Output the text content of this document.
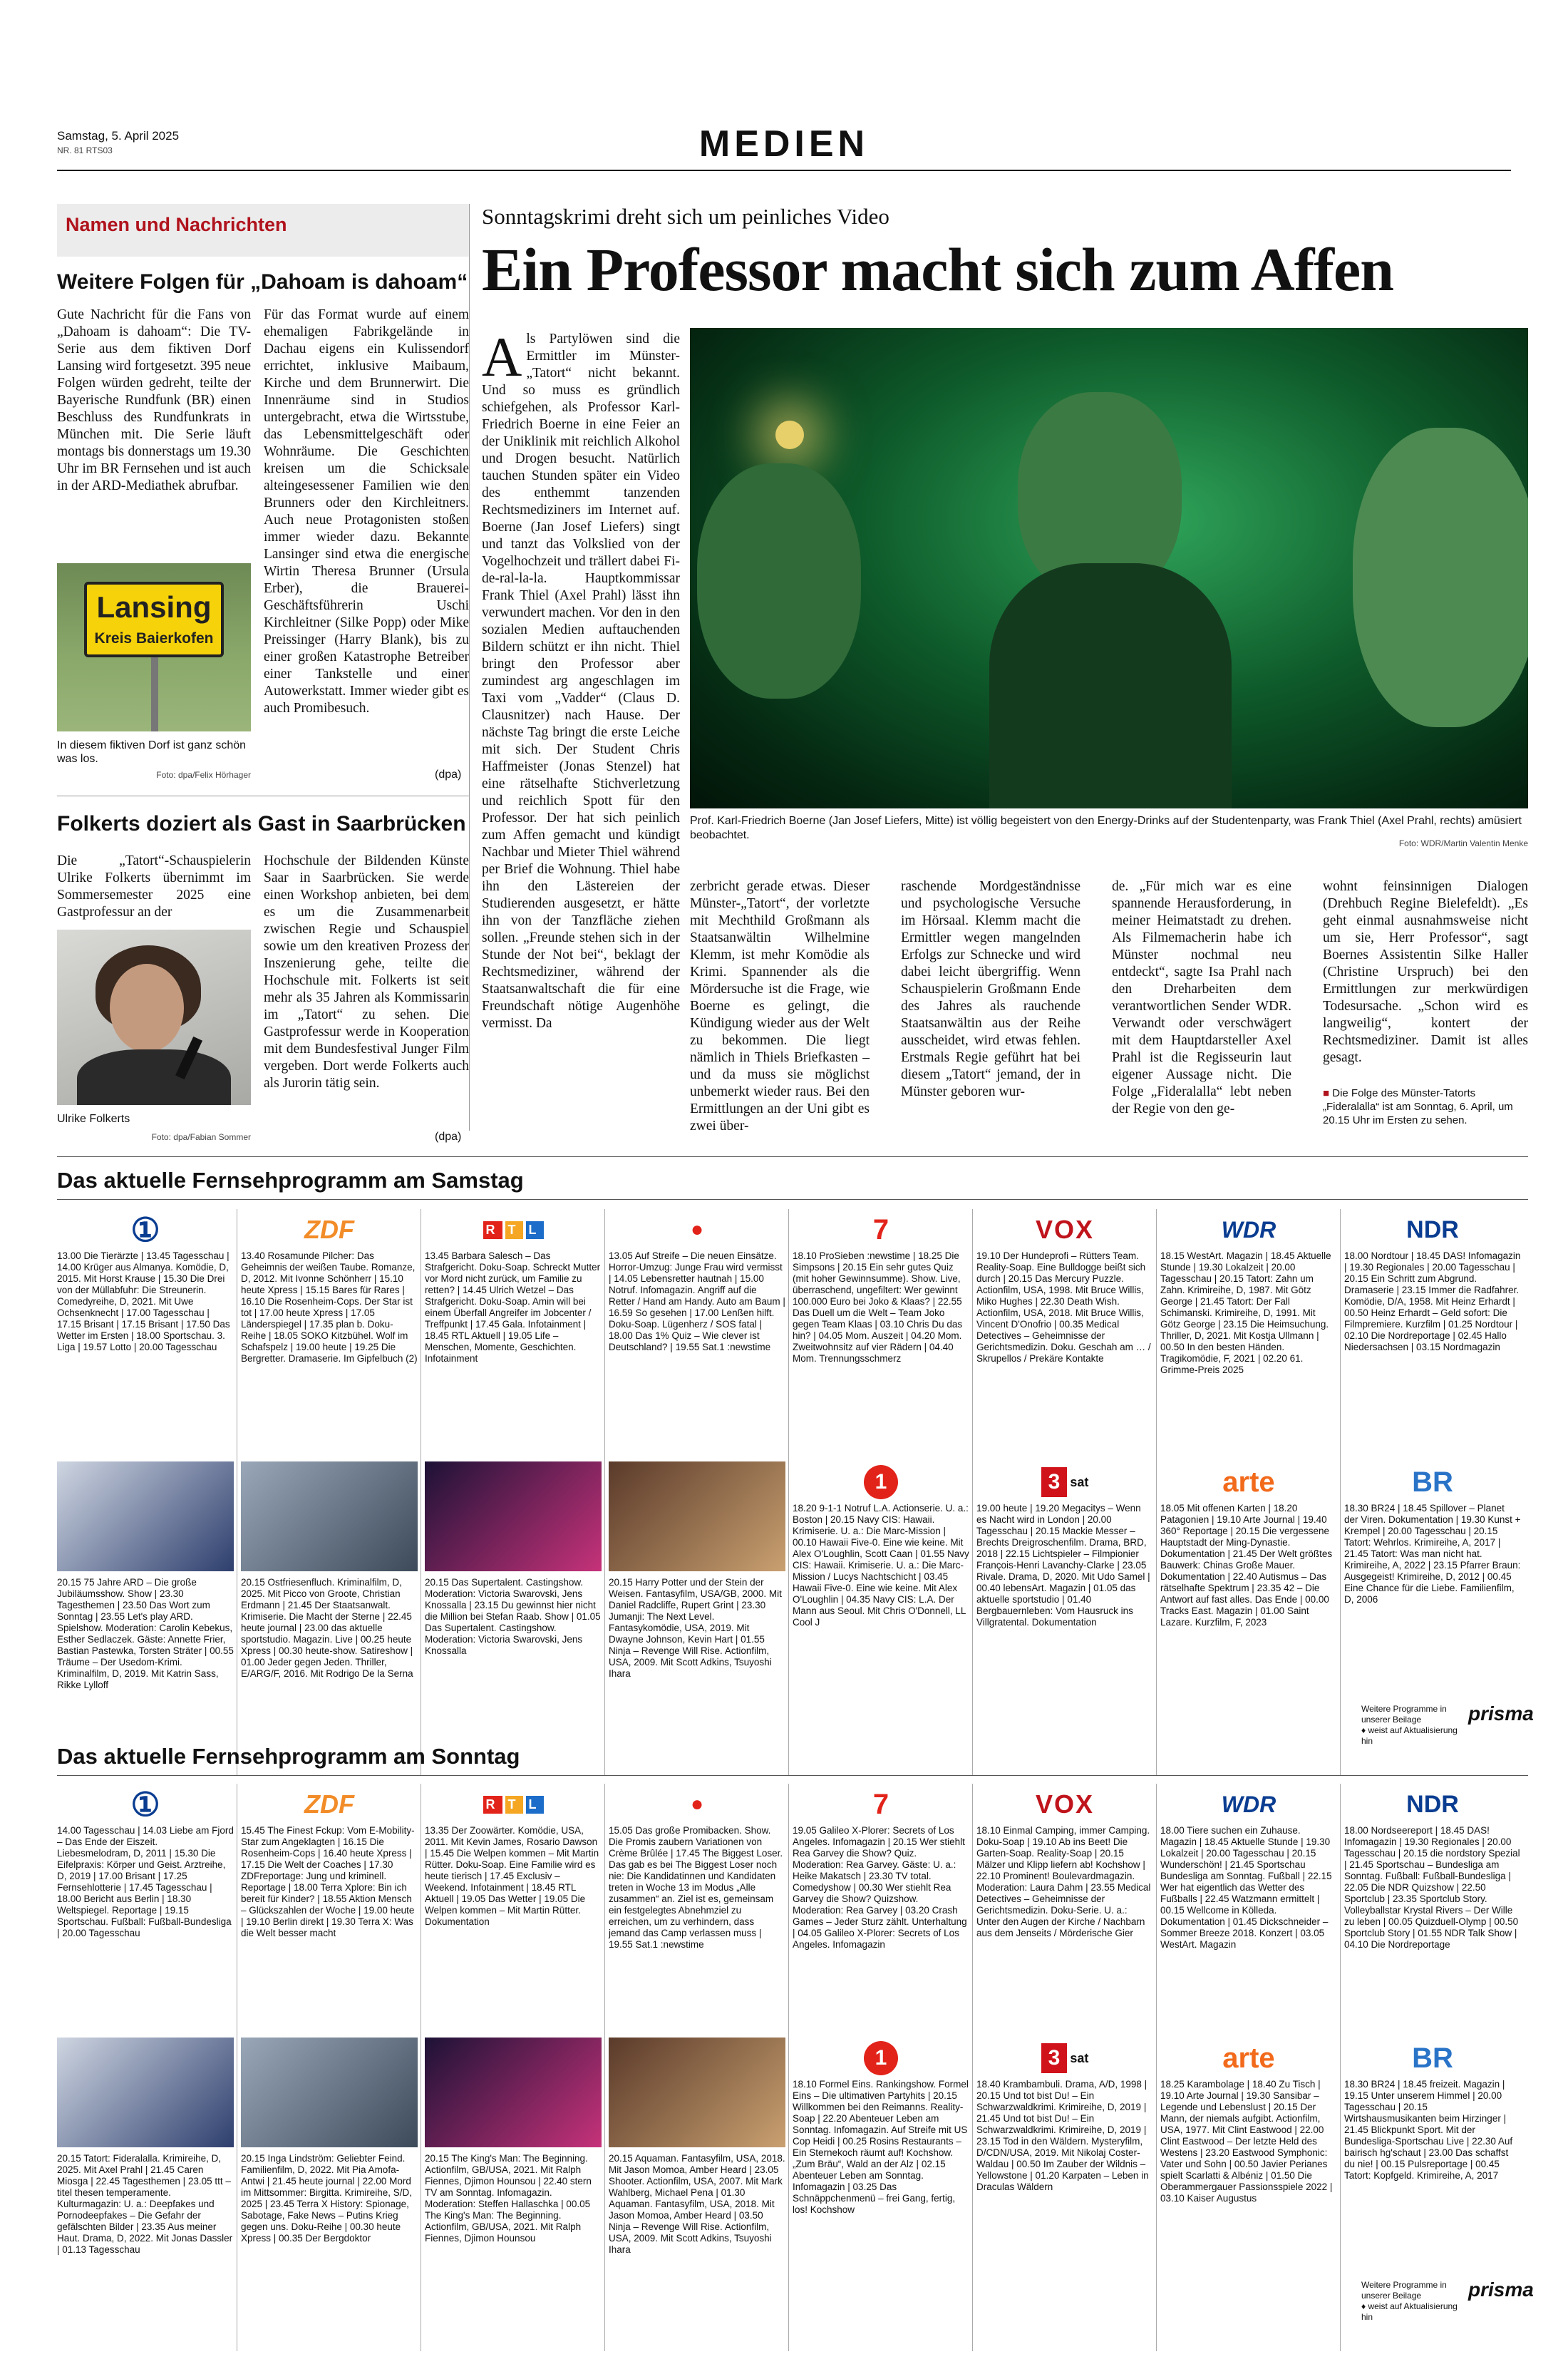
Samstag, 5. April 2025
NR. 81 RTS03	MEDIEN
Namen und Nachrichten
Weitere Folgen für „Dahoam is dahoam“
Gute Nachricht für die Fans von „Dahoam is dahoam“: Die TV-Serie aus dem fiktiven Dorf Lansing wird fortgesetzt. 395 neue Folgen würden gedreht, teilte der Bayerische Rundfunk (BR) einen Beschluss des Rundfunkrats in München mit. Die Serie läuft montags bis donnerstags um 19.30 Uhr im BR Fernsehen und ist auch in der ARD-Mediathek abrufbar.
Lansing
Kreis Baierkofen
In diesem fiktiven Dorf ist ganz schön was los.
Foto: dpa/Felix Hörhager
Für das Format wurde auf einem ehemaligen Fabrikgelände in Dachau eigens ein Kulissendorf errichtet, inklusive Maibaum, Kirche und dem Brunnerwirt. Die Innenräume sind in Studios untergebracht, etwa die Wirtsstube, das Lebensmittelgeschäft oder Wohnräume. Die Geschichten kreisen um die Schicksale alteingesessener Familien wie den Brunners oder den Kirchleitners. Auch neue Protagonisten stoßen immer wieder dazu. Bekannte Lansinger sind etwa die energische Wirtin Theresa Brunner (Ursula Erber), die Brauerei-Geschäftsführerin Uschi Kirchleitner (Silke Popp) oder Mike Preissinger (Harry Blank), bis zu einer großen Katastrophe Betreiber einer Tankstelle und einer Autowerkstatt. Immer wieder gibt es auch Promibesuch.
(dpa)
Folkerts doziert als Gast in Saarbrücken
Die „Tatort“-Schauspielerin Ulrike Folkerts übernimmt im Sommersemester 2025 eine Gastprofessur an der
Ulrike Folkerts
Foto: dpa/Fabian Sommer
Hochschule der Bildenden Künste Saar in Saarbrücken. Sie werde einen Workshop anbieten, bei dem es um die Zusammenarbeit zwischen Regie und Schauspiel sowie um den kreativen Prozess der Inszenierung gehe, teilte die Hochschule mit. Folkerts ist seit mehr als 35 Jahren als Kommissarin im „Tatort“ zu sehen. Die Gastprofessur werde in Kooperation mit dem Bundesfestival Junger Film vergeben. Dort werde Folkerts auch als Jurorin tätig sein.
(dpa)
Sonntagskrimi dreht sich um peinliches Video
Ein Professor macht sich zum Affen
Prof. Karl-Friedrich Boerne (Jan Josef Liefers, Mitte) ist völlig begeistert von den Energy-Drinks auf der Studentenparty, was Frank Thiel (Axel Prahl, rechts) amüsiert beobachtet.
Foto: WDR/Martin Valentin Menke
Als Partylöwen sind die Ermittler im Münster-„Tatort“ nicht bekannt. Und so muss es gründlich schiefgehen, als Professor Karl-Friedrich Boerne in eine Feier an der Uniklinik mit reichlich Alkohol und Drogen besucht. Natürlich tauchen Stunden später ein Video des enthemmt tanzenden Rechtsmediziners im Internet auf. Boerne (Jan Josef Liefers) singt und tanzt das Volkslied von der Vogelhochzeit und trällert dabei Fi-de-ral-la-la. Hauptkommissar Frank Thiel (Axel Prahl) lässt ihn verwundert machen. Vor den in den sozialen Medien auftauchenden Bildern schützt er ihn nicht. Thiel bringt den Professor aber zumindest arg angeschlagen im Taxi vom „Vadder“ (Claus D. Clausnitzer) nach Hause. Der nächste Tag bringt die erste Leiche mit sich. Der Student Chris Haffmeister (Jonas Stenzel) hat eine rätselhafte Stichverletzung und reichlich Spott für den Professor. Der hat sich peinlich zum Affen gemacht und kündigt Nachbar und Mieter Thiel während per Brief die Wohnung. Thiel habe ihn den Lästereien der Studierenden ausgesetzt, er hätte ihn von der Tanzfläche ziehen sollen. „Freunde stehen sich in der Stunde der Not bei“, beklagt der Rechtsmediziner, während der Staatsanwaltschaft die für eine Freundschaft nötige Augenhöhe vermisst. Da
zerbricht gerade etwas. Dieser Münster-„Tatort“, der vorletzte mit Mechthild Großmann als Staatsanwältin Wilhelmine Klemm, ist mehr Komödie als Krimi. Spannender als die Mördersuche ist die Frage, wie Boerne es gelingt, die Kündigung wieder aus der Welt zu bekommen. Die liegt nämlich in Thiels Briefkasten – und da muss sie möglichst unbemerkt wieder raus. Bei den Ermittlungen an der Uni gibt es zwei über-
raschende Mordgeständnisse und psychologische Versuche im Hörsaal. Klemm macht die Ermittler wegen mangelnden Erfolgs zur Schnecke und wird dabei leicht übergriffig. Wenn Schauspielerin Großmann Ende des Jahres als rauchende Staatsanwältin aus der Reihe ausscheidet, wird etwas fehlen. Erstmals Regie geführt hat bei diesem „Tatort“ jemand, der in Münster geboren wur-
de. „Für mich war es eine spannende Herausforderung, in meiner Heimatstadt zu drehen. Als Filmemacherin habe ich Münster nochmal neu entdeckt“, sagte Isa Prahl nach den Dreharbeiten dem verantwortlichen Sender WDR. Verwandt oder verschwägert mit dem Hauptdarsteller Axel Prahl ist die Regisseurin laut eigener Aussage nicht. Die Folge „Fideralalla“ lebt neben der Regie von den ge-
wohnt feinsinnigen Dialogen (Drehbuch Regine Bielefeldt). „Es geht einmal ausnahmsweise nicht um sie, Herr Professor“, sagt Boernes Assistentin Silke Haller (Christine Urspruch) bei den Ermittlungen zur merkwürdigen Todesursache. „Schon wird es langweilig“, kontert der Rechtsmediziner. Damit ist alles gesagt.
■ Die Folge des Münster-Tatorts „Fideralalla“ ist am Sonntag, 6. April, um 20.15 Uhr im Ersten zu sehen.
Das aktuelle Fernsehprogramm am Samstag
①
13.00 Die Tierärzte | 13.45 Tagesschau | 14.00 Krüger aus Almanya. Komödie, D, 2015. Mit Horst Krause | 15.30 Die Drei von der Müllabfuhr: Die Streunerin. Comedyreihe, D, 2021. Mit Uwe Ochsenknecht | 17.00 Tagesschau | 17.15 Brisant | 17.15 Brisant | 17.50 Das Wetter im Ersten | 18.00 Sportschau. 3. Liga | 19.57 Lotto | 20.00 Tagesschau
20.15 75 Jahre ARD – Die große Jubiläumsshow. Show | 23.30 Tagesthemen | 23.50 Das Wort zum Sonntag | 23.55 Let's play ARD. Spielshow. Moderation: Carolin Kebekus, Esther Sedlaczek. Gäste: Annette Frier, Bastian Pastewka, Torsten Sträter | 00.55 Träume – Der Usedom-Krimi. Kriminalfilm, D, 2019. Mit Katrin Sass, Rikke Lylloff
ZDF
13.40 Rosamunde Pilcher: Das Geheimnis der weißen Taube. Romanze, D, 2012. Mit Ivonne Schönherr | 15.10 heute Xpress | 15.15 Bares für Rares | 16.10 Die Rosenheim-Cops. Der Star ist tot | 17.00 heute Xpress | 17.05 Länderspiegel | 17.35 plan b. Doku-Reihe | 18.05 SOKO Kitzbühel. Wolf im Schafspelz | 19.00 heute | 19.25 Die Bergretter. Dramaserie. Im Gipfelbuch (2)
20.15 Ostfriesenfluch. Kriminalfilm, D, 2025. Mit Picco von Groote, Christian Erdmann | 21.45 Der Staatsanwalt. Krimiserie. Die Macht der Sterne | 22.45 heute journal | 23.00 das aktuelle sportstudio. Magazin. Live | 00.25 heute Xpress | 00.30 heute-show. Satireshow | 01.00 Jeder gegen Jeden. Thriller, E/ARG/F, 2016. Mit Rodrigo De la Serna
R T L
13.45 Barbara Salesch – Das Strafgericht. Doku-Soap. Schreckt Mutter vor Mord nicht zurück, um Familie zu retten? | 14.45 Ulrich Wetzel – Das Strafgericht. Doku-Soap. Amin will bei einem Überfall Angreifer im Jobcenter / Treffpunkt | 17.45 Gala. Infotainment | 18.45 RTL Aktuell | 19.05 Life – Menschen, Momente, Geschichten. Infotainment
20.15 Das Supertalent. Castingshow. Moderation: Victoria Swarovski, Jens Knossalla | 23.15 Du gewinnst hier nicht die Million bei Stefan Raab. Show | 01.05 Das Supertalent. Castingshow. Moderation: Victoria Swarovski, Jens Knossalla
●
13.05 Auf Streife – Die neuen Einsätze. Horror-Umzug: Junge Frau wird vermisst | 14.05 Lebensretter hautnah | 15.00 Notruf. Infomagazin. Angriff auf die Retter / Hand am Handy. Auto am Baum | 16.59 So gesehen | 17.00 Lenßen hilft. Doku-Soap. Lügenherz / SOS fatal | 18.00 Das 1% Quiz – Wie clever ist Deutschland? | 19.55 Sat.1 :newstime
20.15 Harry Potter und der Stein der Weisen. Fantasyfilm, USA/GB, 2000. Mit Daniel Radcliffe, Rupert Grint | 23.30 Jumanji: The Next Level. Fantasykomödie, USA, 2019. Mit Dwayne Johnson, Kevin Hart | 01.55 Ninja – Revenge Will Rise. Actionfilm, USA, 2009. Mit Scott Adkins, Tsuyoshi Ihara
7
18.10 ProSieben :newstime | 18.25 Die Simpsons | 20.15 Ein sehr gutes Quiz (mit hoher Gewinnsumme). Show. Live, überraschend, ungefiltert: Wer gewinnt 100.000 Euro bei Joko & Klaas? | 22.55 Das Duell um die Welt – Team Joko gegen Team Klaas | 03.10 Chris Du das hin? | 04.05 Mom. Auszeit | 04.20 Mom. Zweitwohnsitz auf vier Rädern | 04.40 Mom. Trennungsschmerz
1
18.20 9-1-1 Notruf L.A. Actionserie. U. a.: Boston | 20.15 Navy CIS: Hawaii. Krimiserie. U. a.: Die Marc-Mission | 00.10 Hawaii Five-0. Eine wie keine. Mit Alex O'Loughlin, Scott Caan | 01.55 Navy CIS: Hawaii. Krimiserie. U. a.: Die Marc-Mission / Lucys Nachtschicht | 03.45 Hawaii Five-0. Eine wie keine. Mit Alex O'Loughlin | 04.35 Navy CIS: L.A. Der Mann aus Seoul. Mit Chris O'Donnell, LL Cool J
VOX
19.10 Der Hundeprofi – Rütters Team. Reality-Soap. Eine Bulldogge beißt sich durch | 20.15 Das Mercury Puzzle. Actionfilm, USA, 1998. Mit Bruce Willis, Miko Hughes | 22.30 Death Wish. Actionfilm, USA, 2018. Mit Bruce Willis, Vincent D'Onofrio | 00.35 Medical Detectives – Geheimnisse der Gerichtsmedizin. Doku. Geschah am … / Skrupellos / Prekäre Kontakte
3 sat
19.00 heute | 19.20 Megacitys – Wenn es Nacht wird in London | 20.00 Tagesschau | 20.15 Mackie Messer – Brechts Dreigroschenfilm. Drama, BRD, 2018 | 22.15 Lichtspieler – Filmpionier François-Henri Lavanchy-Clarke | 23.05 Rivale. Drama, D, 2020. Mit Udo Samel | 00.40 lebensArt. Magazin | 01.05 das aktuelle sportstudio | 01.40 Bergbauernleben: Vom Hausruck ins Villgratental. Dokumentation
WDR
18.15 WestArt. Magazin | 18.45 Aktuelle Stunde | 19.30 Lokalzeit | 20.00 Tagesschau | 20.15 Tatort: Zahn um Zahn. Krimireihe, D, 1987. Mit Götz George | 21.45 Tatort: Der Fall Schimanski. Krimireihe, D, 1991. Mit Götz George | 23.15 Die Heimsuchung. Thriller, D, 2021. Mit Kostja Ullmann | 00.50 In den besten Händen. Tragikomödie, F, 2021 | 02.20 61. Grimme-Preis 2025
arte
18.05 Mit offenen Karten | 18.20 Patagonien | 19.10 Arte Journal | 19.40 360° Reportage | 20.15 Die vergessene Hauptstadt der Ming-Dynastie. Dokumentation | 21.45 Der Welt größtes Bauwerk: Chinas Große Mauer. Dokumentation | 22.40 Autismus – Das rätselhafte Spektrum | 23.35 42 – Die Antwort auf fast alles. Das Ende | 00.00 Tracks East. Magazin | 01.00 Saint Lazare. Kurzfilm, F, 2023
NDR
18.00 Nordtour | 18.45 DAS! Infomagazin | 19.30 Regionales | 20.00 Tagesschau | 20.15 Ein Schritt zum Abgrund. Dramaserie | 23.15 Immer die Radfahrer. Komödie, D/A, 1958. Mit Heinz Erhardt | 00.50 Heinz Erhardt – Geld sofort: Die Filmpremiere. Kurzfilm | 01.25 Nordtour | 02.10 Die Nordreportage | 02.45 Hallo Niedersachsen | 03.15 Nordmagazin
BR
18.30 BR24 | 18.45 Spillover – Planet der Viren. Dokumentation | 19.30 Kunst + Krempel | 20.00 Tagesschau | 20.15 Tatort: Wehrlos. Krimireihe, A, 2017 | 21.45 Tatort: Was man nicht hat. Krimireihe, A, 2022 | 23.15 Pfarrer Braun: Ausgegeist! Krimireihe, D, 2012 | 00.45 Eine Chance für die Liebe. Familienfilm, D, 2006
Weitere Programme in unserer Beilage
♦ weist auf Aktualisierung hin
prisma
Das aktuelle Fernsehprogramm am Sonntag
①
14.00 Tagesschau | 14.03 Liebe am Fjord – Das Ende der Eiszeit. Liebesmelodram, D, 2011 | 15.30 Die Eifelpraxis: Körper und Geist. Arztreihe, D, 2019 | 17.00 Brisant | 17.25 Fernsehlotterie | 17.45 Tagesschau | 18.00 Bericht aus Berlin | 18.30 Weltspiegel. Reportage | 19.15 Sportschau. Fußball: Fußball-Bundesliga | 20.00 Tagesschau
20.15 Tatort: Fideralalla. Krimireihe, D, 2025. Mit Axel Prahl | 21.45 Caren Miosga | 22.45 Tagesthemen | 23.05 ttt – titel thesen temperamente. Kulturmagazin: U. a.: Deepfakes und Pornodeepfakes – Die Gefahr der gefälschten Bilder | 23.35 Aus meiner Haut. Drama, D, 2022. Mit Jonas Dassler | 01.13 Tagesschau
ZDF
15.45 The Finest Fckup: Vom E-Mobility-Star zum Angeklagten | 16.15 Die Rosenheim-Cops | 16.40 heute Xpress | 17.15 Die Welt der Coaches | 17.30 ZDFreportage: Jung und kriminell. Reportage | 18.00 Terra Xplore: Bin ich bereit für Kinder? | 18.55 Aktion Mensch – Glückszahlen der Woche | 19.00 heute | 19.10 Berlin direkt | 19.30 Terra X: Was die Welt besser macht
20.15 Inga Lindström: Geliebter Feind. Familienfilm, D, 2022. Mit Pia Amofa-Antwi | 21.45 heute journal | 22.00 Mord im Mittsommer: Birgitta. Krimireihe, S/D, 2025 | 23.45 Terra X History: Spionage, Sabotage, Fake News – Putins Krieg gegen uns. Doku-Reihe | 00.30 heute Xpress | 00.35 Der Bergdoktor
R T L
13.35 Der Zoowärter. Komödie, USA, 2011. Mit Kevin James, Rosario Dawson | 15.45 Die Welpen kommen – Mit Martin Rütter. Doku-Soap. Eine Familie wird es heute tierisch | 17.45 Exclusiv – Weekend. Infotainment | 18.45 RTL Aktuell | 19.05 Das Wetter | 19.05 Die Welpen kommen – Mit Martin Rütter. Dokumentation
20.15 The King's Man: The Beginning. Actionfilm, GB/USA, 2021. Mit Ralph Fiennes, Djimon Hounsou | 22.40 stern TV am Sonntag. Infomagazin. Moderation: Steffen Hallaschka | 00.05 The King's Man: The Beginning. Actionfilm, GB/USA, 2021. Mit Ralph Fiennes, Djimon Hounsou
●
15.05 Das große Promibacken. Show. Die Promis zaubern Variationen von Crème Brûlée | 17.45 The Biggest Loser. Das gab es bei The Biggest Loser noch nie: Die Kandidatinnen und Kandidaten treten in Woche 13 im Modus „Alle zusammen“ an. Ziel ist es, gemeinsam ein festgelegtes Abnehmziel zu erreichen, um zu verhindern, dass jemand das Camp verlassen muss | 19.55 Sat.1 :newstime
20.15 Aquaman. Fantasyfilm, USA, 2018. Mit Jason Momoa, Amber Heard | 23.05 Shooter. Actionfilm, USA, 2007. Mit Mark Wahlberg, Michael Pena | 01.30 Aquaman. Fantasyfilm, USA, 2018. Mit Jason Momoa, Amber Heard | 03.50 Ninja – Revenge Will Rise. Actionfilm, USA, 2009. Mit Scott Adkins, Tsuyoshi Ihara
7
19.05 Galileo X-Plorer: Secrets of Los Angeles. Infomagazin | 20.15 Wer stiehlt Rea Garvey die Show? Quiz. Moderation: Rea Garvey. Gäste: U. a.: Heike Makatsch | 23.30 TV total. Comedyshow | 00.30 Wer stiehlt Rea Garvey die Show? Quizshow. Moderation: Rea Garvey | 03.20 Crash Games – Jeder Sturz zählt. Unterhaltung | 04.05 Galileo X-Plorer: Secrets of Los Angeles. Infomagazin
1
18.10 Formel Eins. Rankingshow. Formel Eins – Die ultimativen Partyhits | 20.15 Willkommen bei den Reimanns. Reality-Soap | 22.20 Abenteuer Leben am Sonntag. Infomagazin. Auf Streife mit US Cop Heidi | 00.25 Rosins Restaurants – Ein Sternekoch räumt auf! Kochshow. „Zum Bräu“, Wald an der Alz | 02.15 Abenteuer Leben am Sonntag. Infomagazin | 03.25 Das Schnäppchenmenü – frei Gang, fertig, los! Kochshow
VOX
18.10 Einmal Camping, immer Camping. Doku-Soap | 19.10 Ab ins Beet! Die Garten-Soap. Reality-Soap | 20.15 Mälzer und Klipp liefern ab! Kochshow | 22.10 Prominent! Boulevardmagazin. Moderation: Laura Dahm | 23.55 Medical Detectives – Geheimnisse der Gerichtsmedizin. Doku-Serie. U. a.: Unter den Augen der Kirche / Nachbarn aus dem Jenseits / Mörderische Gier
3 sat
18.40 Krambambuli. Drama, A/D, 1998 | 20.15 Und tot bist Du! – Ein Schwarzwaldkrimi. Krimireihe, D, 2019 | 21.45 Und tot bist Du! – Ein Schwarzwaldkrimi. Krimireihe, D, 2019 | 23.15 Tod in den Wäldern. Mysteryfilm, D/CDN/USA, 2019. Mit Nikolaj Coster-Waldau | 00.50 Im Zauber der Wildnis – Yellowstone | 01.20 Karpaten – Leben in Draculas Wäldern
WDR
18.00 Tiere suchen ein Zuhause. Magazin | 18.45 Aktuelle Stunde | 19.30 Lokalzeit | 20.00 Tagesschau | 20.15 Wunderschön! | 21.45 Sportschau Bundesliga am Sonntag. Fußball | 22.15 Wer hat eigentlich das Wetter des Fußballs | 22.45 Watzmann ermittelt | 00.15 Wellcome in Kölleda. Dokumentation | 01.45 Dickschneider – Sommer Breeze 2018. Konzert | 03.05 WestArt. Magazin
arte
18.25 Karambolage | 18.40 Zu Tisch | 19.10 Arte Journal | 19.30 Sansibar – Legende und Lebenslust | 20.15 Der Mann, der niemals aufgibt. Actionfilm, USA, 1977. Mit Clint Eastwood | 22.00 Clint Eastwood – Der letzte Held des Westens | 23.20 Eastwood Symphonic: Vater und Sohn | 00.50 Javier Perianes spielt Scarlatti & Albéniz | 01.50 Die Oberammergauer Passionsspiele 2022 | 03.10 Kaiser Augustus
NDR
18.00 Nordseereport | 18.45 DAS! Infomagazin | 19.30 Regionales | 20.00 Tagesschau | 20.15 die nordstory Spezial | 21.45 Sportschau – Bundesliga am Sonntag. Fußball: Fußball-Bundesliga | 22.05 Die NDR Quizshow | 22.50 Sportclub | 23.35 Sportclub Story. Volleyballstar Krystal Rivers – Der Wille zu leben | 00.05 Quizduell-Olymp | 00.50 Sportclub Story | 01.55 NDR Talk Show | 04.10 Die Nordreportage
BR
18.30 BR24 | 18.45 freizeit. Magazin | 19.15 Unter unserem Himmel | 20.00 Tagesschau | 20.15 Wirtshausmusikanten beim Hirzinger | 21.45 Blickpunkt Sport. Mit der Bundesliga-Sportschau Live | 22.30 Auf bairisch hg'schaut | 23.00 Das schaffst du nie! | 00.15 Pulsreportage | 00.45 Tatort: Kopfgeld. Krimireihe, A, 2017
Weitere Programme in unserer Beilage
♦ weist auf Aktualisierung hin
prisma
